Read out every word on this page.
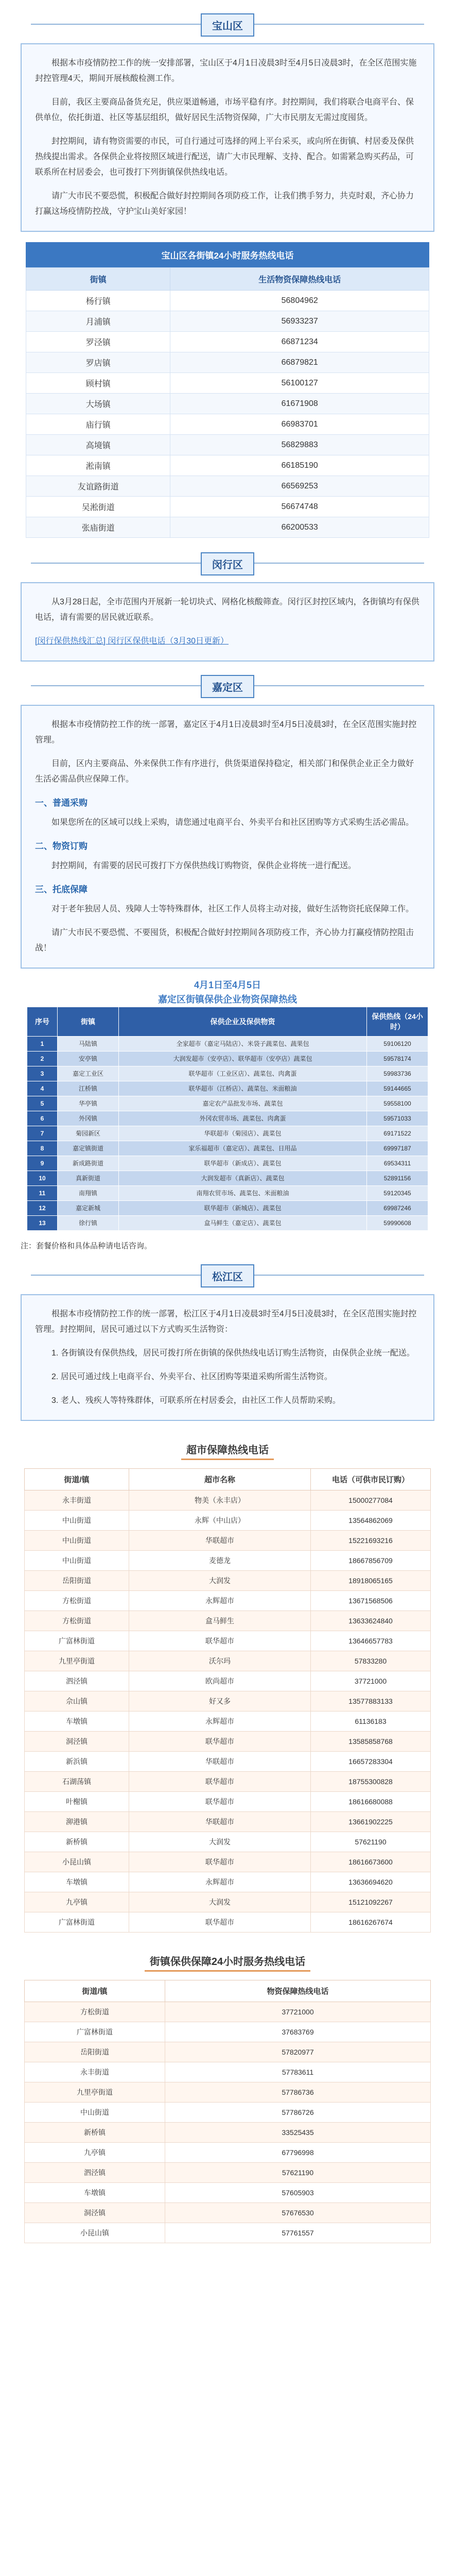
宝山区

根据本市疫情防控工作的统一安排部署，宝山区于4月1日凌晨3时至4月5日凌晨3时，在全区范围实施封控管理4天，期间开展核酸检测工作。

目前，我区主要商品备货充足，供应渠道畅通，市场平稳有序。封控期间，我们将联合电商平台、保供单位，依托街道、社区等基层组织，做好居民生活物资保障，广大市民朋友无需过度囤货。

封控期间，请有物资需要的市民，可自行通过可选择的网上平台采买，或向所在街镇、村居委及保供热线提出需求。各保供企业将按照区域进行配送，请广大市民理解、支持、配合。如需紧急购买药品，可联系所在村居委会，也可拨打下列街镇保供热线电话。

请广大市民不要恐慌，积极配合做好封控期间各项防疫工作，让我们携手努力，共克时艰，齐心协力打赢这场疫情防控战，守护宝山美好家园！

宝山区各街镇24小时服务热线电话
街镇	生活物资保障热线电话
杨行镇	56804962
月浦镇	56933237
罗泾镇	66871234
罗店镇	66879821
顾村镇	56100127
大场镇	61671908
庙行镇	66983701
高境镇	56829883
淞南镇	66185190
友谊路街道	66569253
吴淞街道	56674748
张庙街道	66200533
闵行区

从3月28日起，全市范围内开展新一轮切块式、网格化核酸筛查。闵行区封控区域内，各街镇均有保供电话，请有需要的居民就近联系。

[闵行保供热线汇总] 闵行区保供电话（3月30日更新）

嘉定区

根据本市疫情防控工作的统一部署，嘉定区于4月1日凌晨3时至4月5日凌晨3时，在全区范围实施封控管理。

目前，区内主要商品、外来保供工作有序进行，供货渠道保持稳定，相关部门和保供企业正全力做好生活必需品供应保障工作。

一、普通采购

如果您所在的区域可以线上采购，请您通过电商平台、外卖平台和社区团购等方式采购生活必需品。

二、物资订购

封控期间，有需要的居民可拨打下方保供热线订购物资，保供企业将统一进行配送。

三、托底保障

对于老年独居人员、残障人士等特殊群体，社区工作人员将主动对接，做好生活物资托底保障工作。

请广大市民不要恐慌、不要囤货，积极配合做好封控期间各项防疫工作，齐心协力打赢疫情防控阻击战！

4月1日至4月5日
嘉定区街镇保供企业物资保障热线
序号	街镇	保供企业及保供物资	保供热线（24小时）
1	马陆镇	全家超市（嘉定马陆店）、米袋子蔬菜包、蔬果包	59106120
2	安亭镇	大润发超市（安亭店）、联华超市（安亭店）蔬菜包	59578174
3	嘉定工业区	联华超市（工业区店）、蔬菜包、肉禽蛋	59983736
4	江桥镇	联华超市（江桥店）、蔬菜包、米面粮油	59144665
5	华亭镇	嘉定农产品批发市场、蔬菜包	59558100
6	外冈镇	外冈农贸市场、蔬菜包、肉禽蛋	59571033
7	菊园新区	华联超市（菊园店）、蔬菜包	69171522
8	嘉定镇街道	家乐福超市（嘉定店）、蔬菜包、日用品	69997187
9	新成路街道	联华超市（新成店）、蔬菜包	69534311
10	真新街道	大润发超市（真新店）、蔬菜包	52891156
11	南翔镇	南翔农贸市场、蔬菜包、米面粮油	59120345
12	嘉定新城	联华超市（新城店）、蔬菜包	69987246
13	徐行镇	盒马鲜生（嘉定店）、蔬菜包	59990608
注：套餐价格和具体品种请电话咨询。
松江区

根据本市疫情防控工作的统一部署，松江区于4月1日凌晨3时至4月5日凌晨3时，在全区范围实施封控管理。封控期间，居民可通过以下方式购买生活物资：

1. 各街镇设有保供热线，居民可拨打所在街镇的保供热线电话订购生活物资，由保供企业统一配送。

2. 居民可通过线上电商平台、外卖平台、社区团购等渠道采购所需生活物资。

3. 老人、残疾人等特殊群体，可联系所在村居委会，由社区工作人员帮助采购。

超市保障热线电话
街道/镇	超市名称	电话（可供市民订购）
永丰街道	物美（永丰店）	15000277084
中山街道	永辉（中山店）	13564862069
中山街道	华联超市	15221693216
中山街道	麦德龙	18667856709
岳阳街道	大润发	18918065165
方松街道	永辉超市	13671568506
方松街道	盒马鲜生	13633624840
广富林街道	联华超市	13646657783
九里亭街道	沃尔玛	57833280
泗泾镇	欧尚超市	37721000
佘山镇	好又多	13577883133
车墩镇	永辉超市	61136183
洞泾镇	联华超市	13585858768
新浜镇	华联超市	16657283304
石湖荡镇	联华超市	18755300828
叶榭镇	联华超市	18616680088
泖港镇	华联超市	13661902225
新桥镇	大润发	57621190
小昆山镇	联华超市	18616673600
车墩镇	永辉超市	13636694620
九亭镇	大润发	15121092267
广富林街道	联华超市	18616267674
街镇保供保障24小时服务热线电话
街道/镇	物资保障热线电话
方松街道	37721000
广富林街道	37683769
岳阳街道	57820977
永丰街道	57783611
九里亭街道	57786736
中山街道	57786726
新桥镇	33525435
九亭镇	67796998
泗泾镇	57621190
车墩镇	57605903
洞泾镇	57676530
小昆山镇	57761557
